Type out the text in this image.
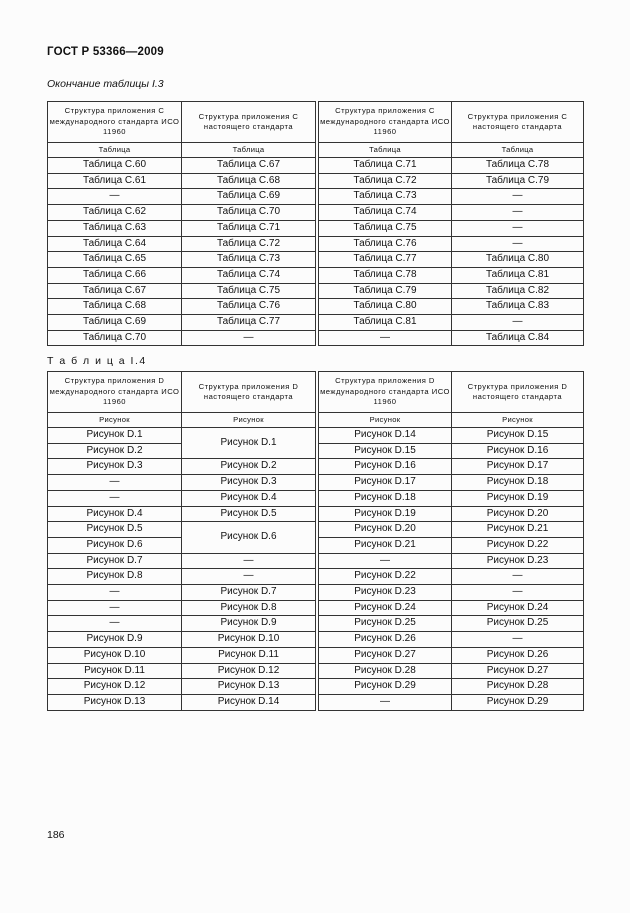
ГОСТ Р 53366—2009
Окончание таблицы I.3
Структура приложения C международного стандарта ИСО 11960	Структура приложения C настоящего стандарта		Структура приложения C международного стандарта ИСО 11960	Структура приложения C настоящего стандарта
Таблица	Таблица		Таблица	Таблица
Таблица C.60	Таблица C.67		Таблица C.71	Таблица C.78
Таблица C.61	Таблица C.68		Таблица C.72	Таблица C.79
—	Таблица C.69		Таблица C.73	—
Таблица C.62	Таблица C.70		Таблица C.74	—
Таблица C.63	Таблица C.71		Таблица C.75	—
Таблица C.64	Таблица C.72		Таблица C.76	—
Таблица C.65	Таблица C.73		Таблица C.77	Таблица C.80
Таблица C.66	Таблица C.74		Таблица C.78	Таблица C.81
Таблица C.67	Таблица C.75		Таблица C.79	Таблица C.82
Таблица C.68	Таблица C.76		Таблица C.80	Таблица C.83
Таблица C.69	Таблица C.77		Таблица C.81	—
Таблица C.70	—		—	Таблица C.84
Т а б л и ц а I.4
Структура приложения D международного стандарта ИСО 11960	Структура приложения D настоящего стандарта		Структура приложения D международного стандарта ИСО 11960	Структура приложения D настоящего стандарта
Рисунок	Рисунок		Рисунок	Рисунок
Рисунок D.1	Рисунок D.1		Рисунок D.14	Рисунок D.15
Рисунок D.2			Рисунок D.15	Рисунок D.16
Рисунок D.3	Рисунок D.2		Рисунок D.16	Рисунок D.17
—	Рисунок D.3		Рисунок D.17	Рисунок D.18
—	Рисунок D.4		Рисунок D.18	Рисунок D.19
Рисунок D.4	Рисунок D.5		Рисунок D.19	Рисунок D.20
Рисунок D.5	Рисунок D.6		Рисунок D.20	Рисунок D.21
Рисунок D.6			Рисунок D.21	Рисунок D.22
Рисунок D.7	—		—	Рисунок D.23
Рисунок D.8	—		Рисунок D.22	—
—	Рисунок D.7		Рисунок D.23	—
—	Рисунок D.8		Рисунок D.24	Рисунок D.24
—	Рисунок D.9		Рисунок D.25	Рисунок D.25
Рисунок D.9	Рисунок D.10		Рисунок D.26	—
Рисунок D.10	Рисунок D.11		Рисунок D.27	Рисунок D.26
Рисунок D.11	Рисунок D.12		Рисунок D.28	Рисунок D.27
Рисунок D.12	Рисунок D.13		Рисунок D.29	Рисунок D.28
Рисунок D.13	Рисунок D.14		—	Рисунок D.29
186
